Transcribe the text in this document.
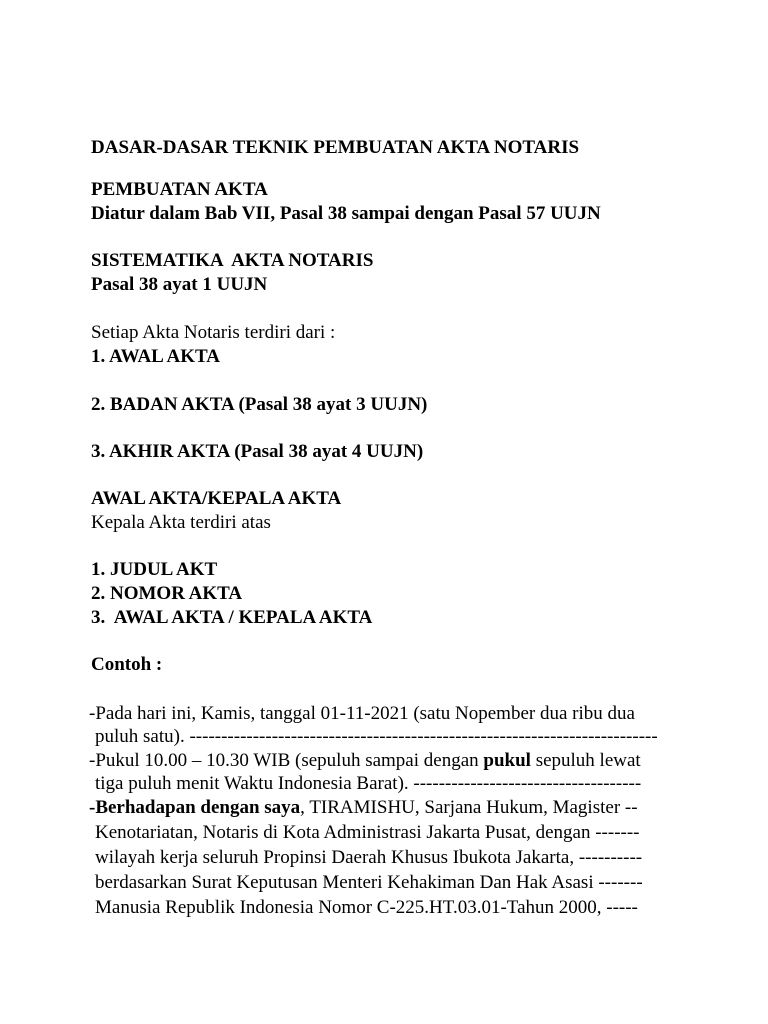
DASAR-DASAR TEKNIK PEMBUATAN AKTA NOTARIS

PEMBUATAN AKTA

Diatur dalam Bab VII, Pasal 38 sampai dengan Pasal 57 UUJN

SISTEMATIKA  AKTA NOTARIS

Pasal 38 ayat 1 UUJN

Setiap Akta Notaris terdiri dari :

1. AWAL AKTA

2. BADAN AKTA (Pasal 38 ayat 3 UUJN)

3. AKHIR AKTA (Pasal 38 ayat 4 UUJN)

AWAL AKTA/KEPALA AKTA

Kepala Akta terdiri atas

1. JUDUL AKT

2. NOMOR AKTA

3.  AWAL AKTA / KEPALA AKTA

Contoh :

-Pada hari ini, Kamis, tanggal 01-11-2021 (satu Nopember dua ribu dua

puluh satu). --------------------------------------------------------------------------

-Pukul 10.00 – 10.30 WIB (sepuluh sampai dengan pukul sepuluh lewat

tiga puluh menit Waktu Indonesia Barat). ------------------------------------

-Berhadapan dengan saya, TIRAMISHU, Sarjana Hukum, Magister --

Kenotariatan, Notaris di Kota Administrasi Jakarta Pusat, dengan -------

wilayah kerja seluruh Propinsi Daerah Khusus Ibukota Jakarta, ----------

berdasarkan Surat Keputusan Menteri Kehakiman Dan Hak Asasi -------

Manusia Republik Indonesia Nomor C-225.HT.03.01-Tahun 2000, -----
